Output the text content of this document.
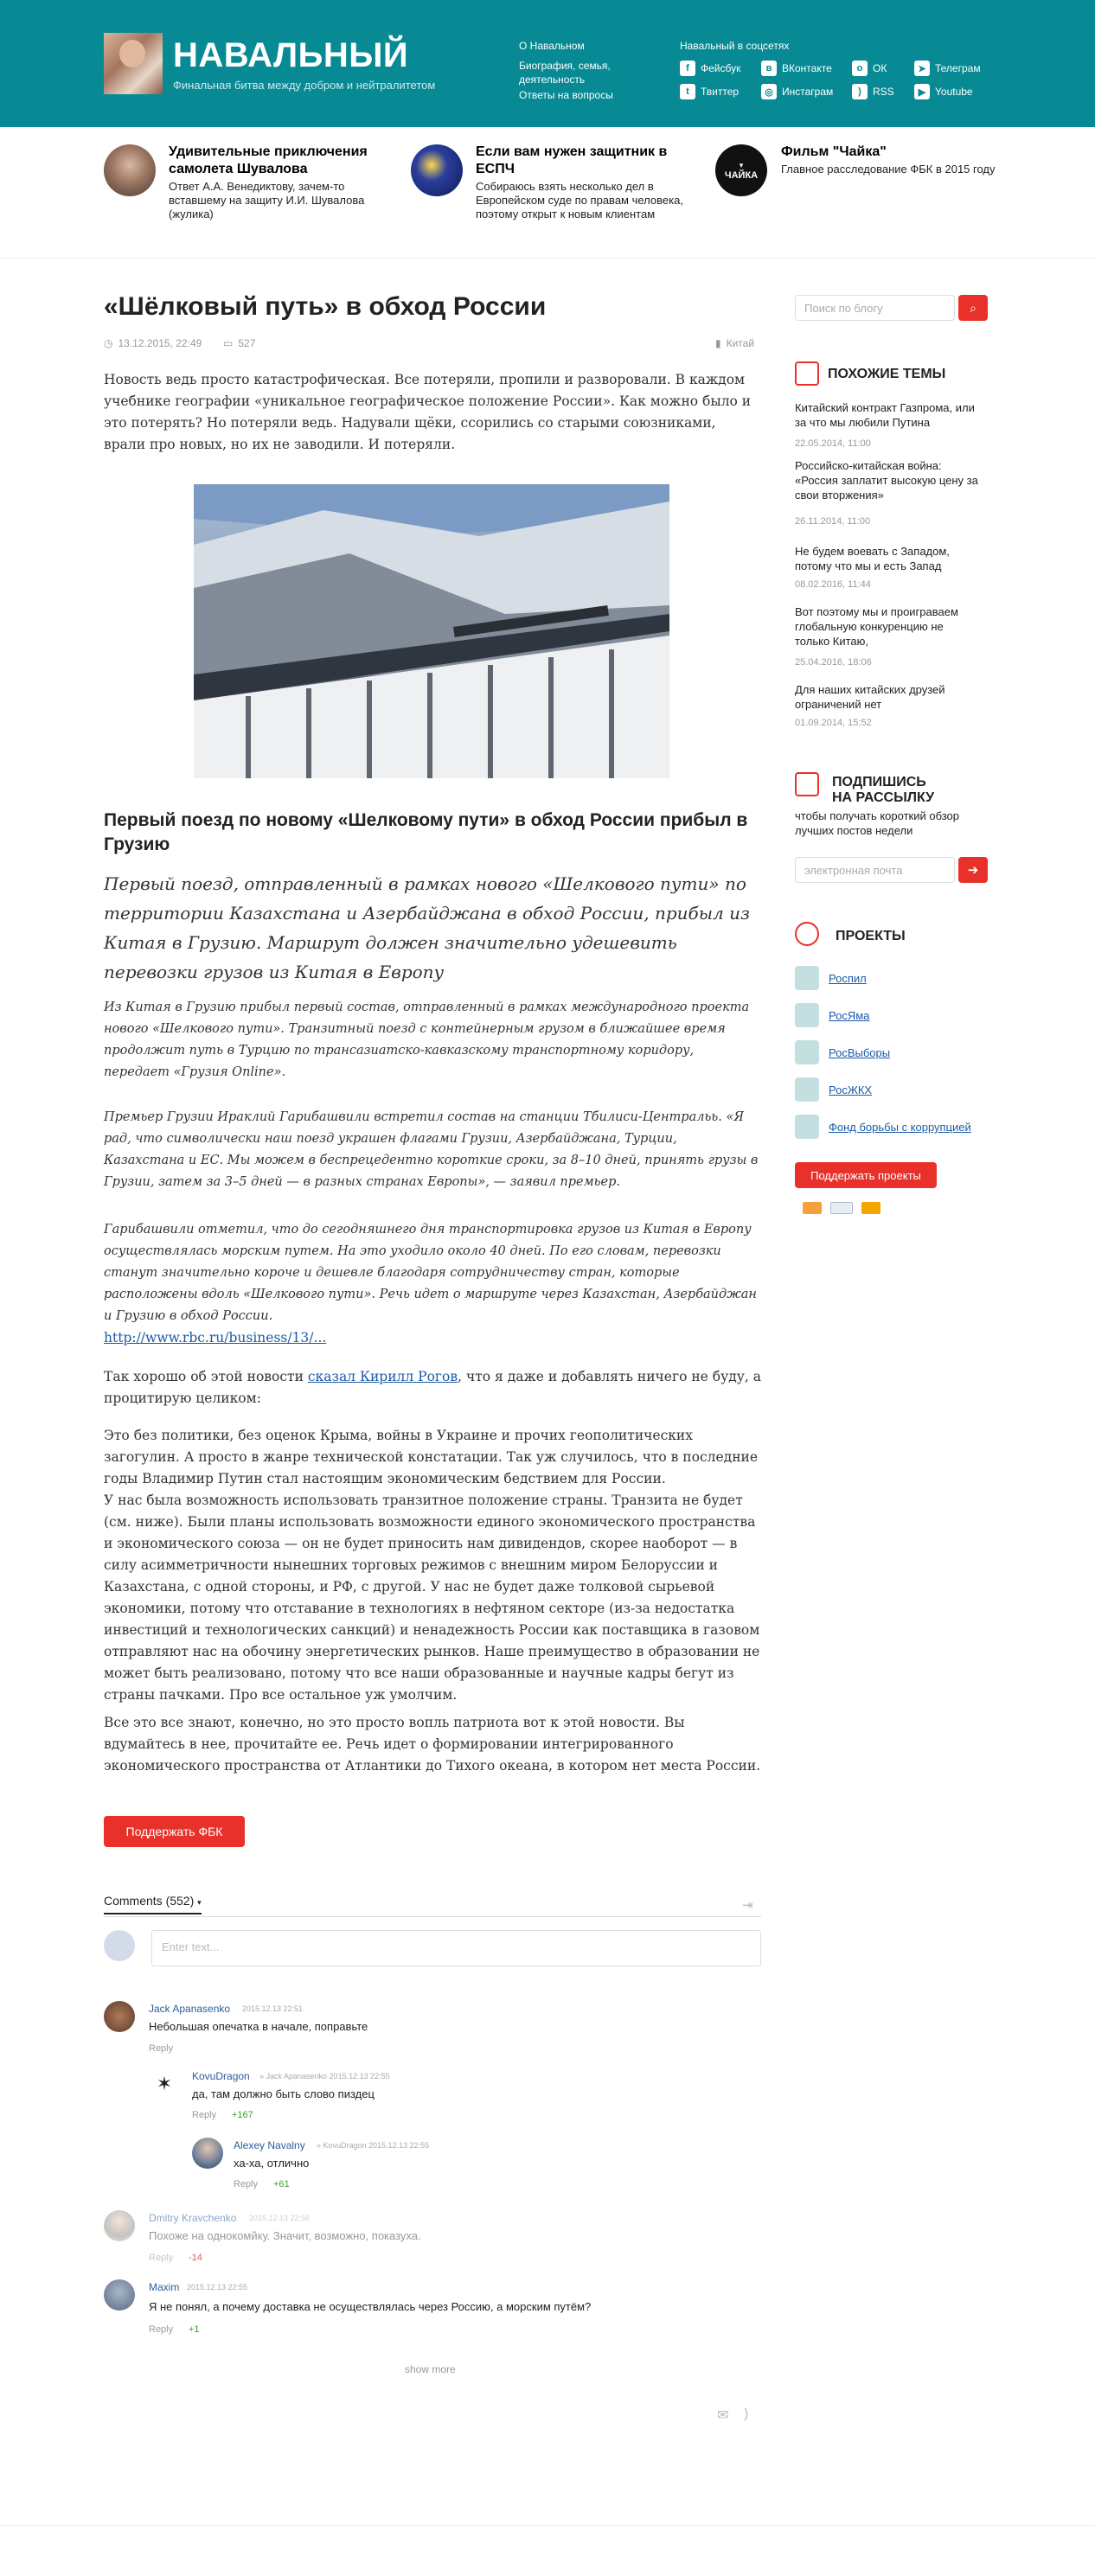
НАВАЛЬНЫЙ
Финальная битва между добром и нейтралитетом
О Навальном
Биография, семья, деятельность
Ответы на вопросы
Навальный в соцсетях
f	Фейсбук	в ВКонтакте	о ОК	➤ Телеграм
t	Твиттер	◎ Инстаграм	)	RSS	▶ Youtube
Удивительные приключения самолета Шувалова
Ответ А.А. Венедиктову, зачем-то вставшему на защиту И.И. Шувалова (жулика)
Если вам нужен защитник в ЕСПЧ
Собираюсь взять несколько дел в Европейском суде по правам человека, поэтому открыт к новым клиентам
▾
ЧАЙКА
Фильм "Чайка"
Главное расследование ФБК в 2015 году
«Шёлковый путь» в обход России
◷ 13.12.2015, 22:49 ▭ 527	▮ Китай

Новость ведь просто катастрофическая. Все потеряли, пропили и разворовали. В каждом учебнике географии «уникальное географическое положение России». Как можно было и это потерять? Но потеряли ведь. Надували щёки, ссорились со старыми союзниками, врали про новых, но их не заводили. И потеряли.

Первый поезд по новому «Шелковому пути» в обход России прибыл в Грузию

Первый поезд, отправленный в рамках нового «Шелкового пути» по территории Казахстана и Азербайджана в обход России, прибыл из Китая в Грузию. Маршрут должен значительно удешевить перевозки грузов из Китая в Европу

Из Китая в Грузию прибыл первый состав, отправленный в рамках международного проекта нового «Шелкового пути». Транзитный поезд с контейнерным грузом в ближайшее время продолжит путь в Турцию по трансазиатско-кавказскому транспортному коридору, передает «Грузия Online».

Премьер Грузии Ираклий Гарибашвили встретил состав на станции Тбилиси-Центральь. «Я рад, что символически наш поезд украшен флагами Грузии, Азербайджана, Турции, Казахстана и ЕС. Мы можем в беспрецедентно короткие сроки, за 8–10 дней, принять грузы в Грузии, затем за 3–5 дней — в разных странах Европы», — заявил премьер.

Гарибашвили отметил, что до сегодняшнего дня транспортировка грузов из Китая в Европу осуществлялась морским путем. На это уходило около 40 дней. По его словам, перевозки станут значительно короче и дешевле благодаря сотрудничеству стран, которые расположены вдоль «Шелкового пути». Речь идет о маршруте через Казахстан, Азербайджан и Грузию в обход России.

http://www.rbc.ru/business/13/...

Так хорошо об этой новости сказал Кирилл Рогов, что я даже и добавлять ничего не буду, а процитирую целиком:

Это без политики, без оценок Крыма, войны в Украине и прочих геополитических загогулин. А просто в жанре технической констатации. Так уж случилось, что в последние годы Владимир Путин стал настоящим экономическим бедствием для России.

У нас была возможность использовать транзитное положение страны. Транзита не будет (см. ниже). Были планы использовать возможности единого экономического пространства и экономического союза — он не будет приносить нам дивидендов, скорее наоборот — в силу асимметричности нынешних торговых режимов с внешним миром Белоруссии и Казахстана, с одной стороны, и РФ, с другой. У нас не будет даже толковой сырьевой экономики, потому что отставание в технологиях в нефтяном секторе (из-за недостатка инвестиций и технологических санкций) и ненадежность России как поставщика в газовом отправляют нас на обочину энергетических рынков. Наше преимущество в образовании не может быть реализовано, потому что все наши образованные и научные кадры бегут из страны пачками. Про все остальное уж умолчим.

Все это все знают, конечно, но это просто вопль патриота вот к этой новости. Вы вдумайтесь в нее, прочитайте ее. Речь идет о формировании интегрированного экономического пространства от Атлантики до Тихого океана, в котором нет места России.

Поддержать ФБК
Comments (552) ▾	⇥
Enter text...
Jack Apanasenko 2015.12.13 22:51
Небольшая опечатка в начале, поправьте
Reply
✶	KovuDragon » Jack Apanasenko 2015.12.13 22:55
да, там должно быть слово пиздец
Reply +167
Alexey Navalny » KovuDragon 2015.12.13 22:55
ха-ха, отлично
Reply +61
Dmitry Kravchenko 2015.12.13 22:56
Похоже на однокомйку. Значит, возможно, показуха.
Reply -14
Maxim 2015.12.13 22:55
Я не понял, а почему доставка не осуществлялась через Россию, а морским путём?
Reply +1
show more
✉ )
Поиск по блогу	⌕
ПОХОЖИЕ ТЕМЫ
Китайский контракт Газпрома, или за что мы любили Путина
22.05.2014, 11:00
Российско-китайская война: «Россия заплатит высокую цену за свои вторжения»
26.11.2014, 11:00
Не будем воевать с Западом, потому что мы и есть Запад
08.02.2016, 11:44
Вот поэтому мы и проиграваем глобальную конкуренцию не только Китаю,
25.04.2016, 18:06
Для наших китайских друзей ограничений нет
01.09.2014, 15:52
ПОДПИШИСЬ
НА РАССЫЛКУ
чтобы получать короткий обзор лучших постов недели
электронная почта	➔
ПРОЕКТЫ
Роспил
РосЯма
РосВыборы
РосЖКХ
Фонд борьбы с коррупцией
Поддержать проекты
